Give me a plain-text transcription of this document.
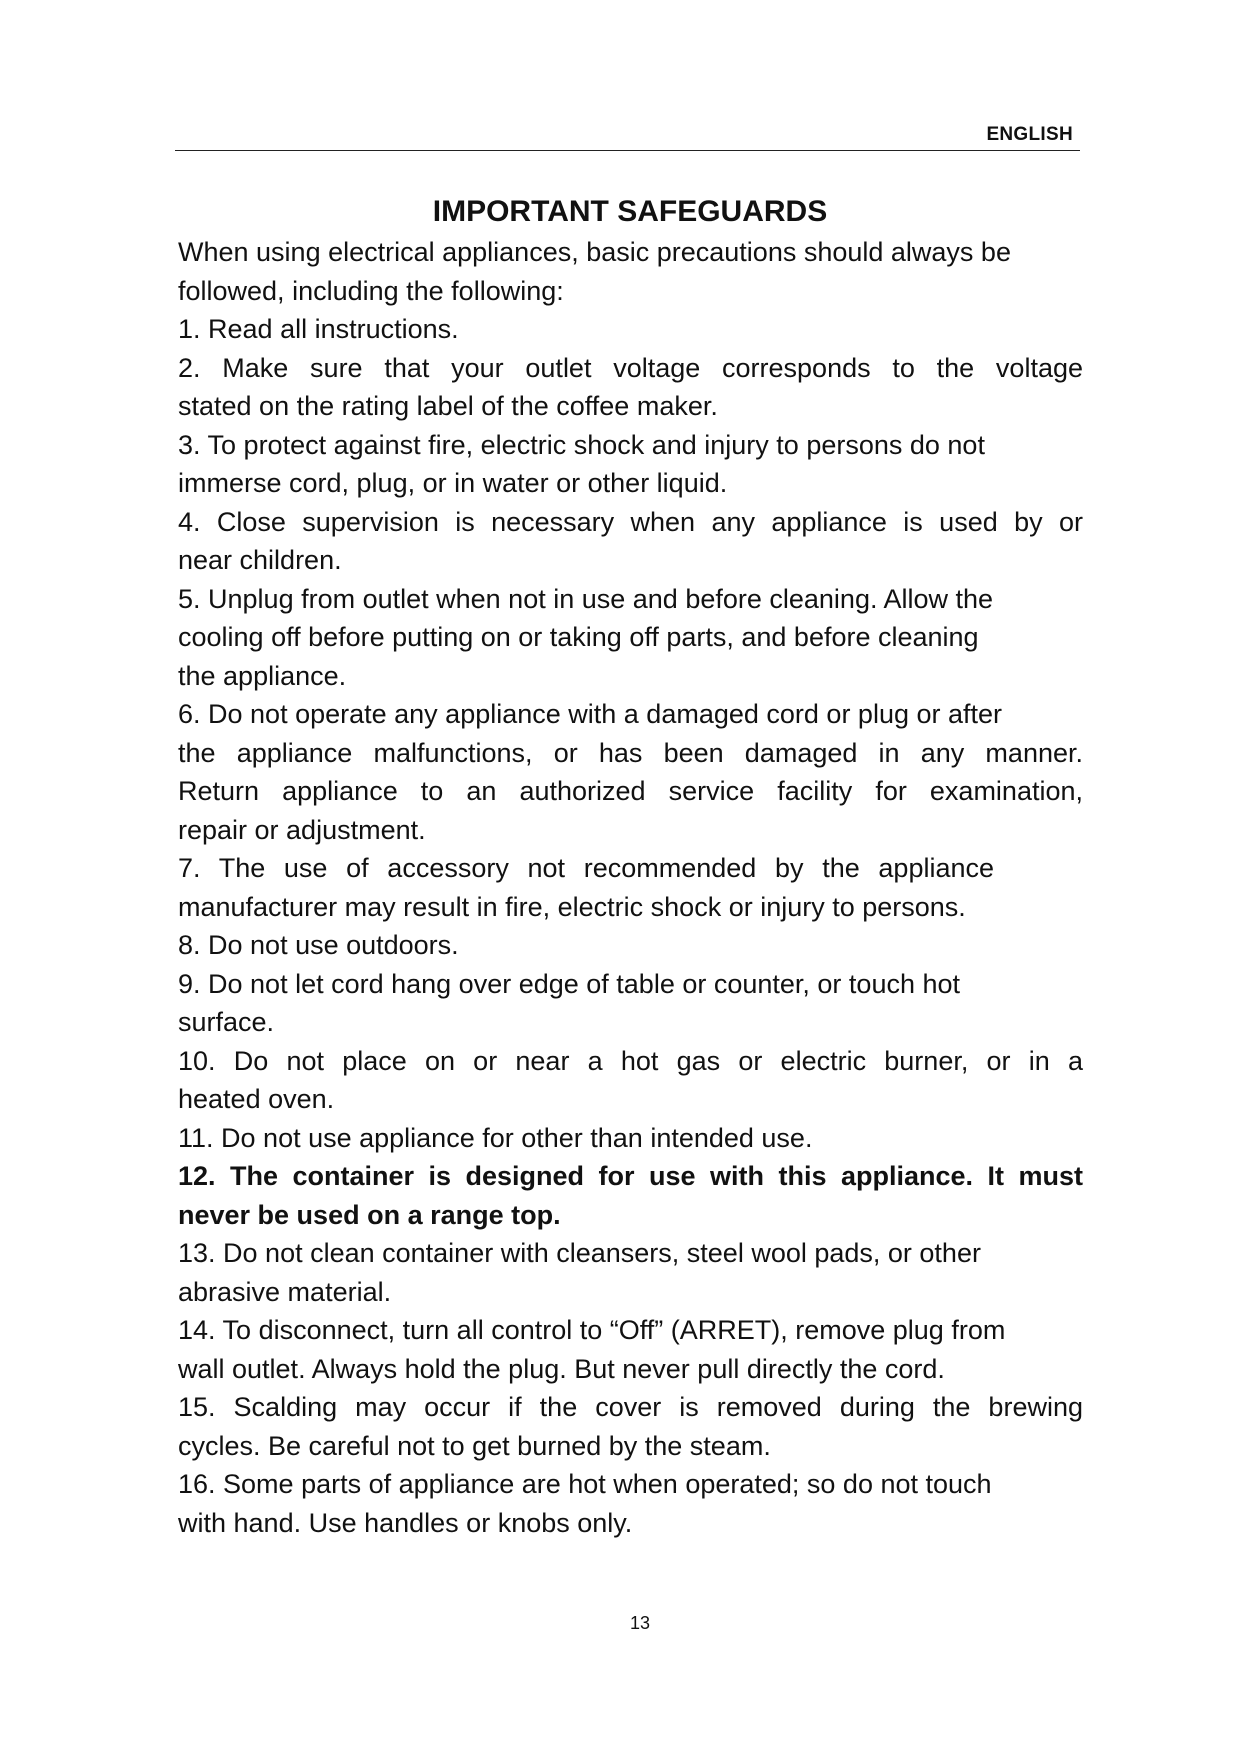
ENGLISH
IMPORTANT SAFEGUARDS

When using electrical appliances, basic precautions should always be

followed, including the following:

1. Read all instructions.

2. Make sure that your outlet voltage corresponds to the voltage

stated on the rating label of the coffee maker.

3. To protect against fire, electric shock and injury to persons do not

immerse cord, plug, or in water or other liquid.

4. Close supervision is necessary when any appliance is used by or

near children.

5. Unplug from outlet when not in use and before cleaning. Allow the

cooling off before putting on or taking off parts, and before cleaning

the appliance.

6. Do not operate any appliance with a damaged cord or plug or after

the appliance malfunctions, or has been damaged in any manner.

Return appliance to an authorized service facility for examination,

repair or adjustment.

7. The use of accessory not recommended by the appliance

manufacturer may result in fire, electric shock or injury to persons.

8. Do not use outdoors.

9. Do not let cord hang over edge of table or counter, or touch hot

surface.

10. Do not place on or near a hot gas or electric burner, or in a

heated oven.

11. Do not use appliance for other than intended use.

12. The container is designed for use with this appliance. It must

never be used on a range top.

13. Do not clean container with cleansers, steel wool pads, or other

abrasive material.

14. To disconnect, turn all control to “Off” (ARRET), remove plug from

wall outlet. Always hold the plug. But never pull directly the cord.

15. Scalding may occur if the cover is removed during the brewing

cycles. Be careful not to get burned by the steam.

16. Some parts of appliance are hot when operated; so do not touch

with hand. Use handles or knobs only.

13
